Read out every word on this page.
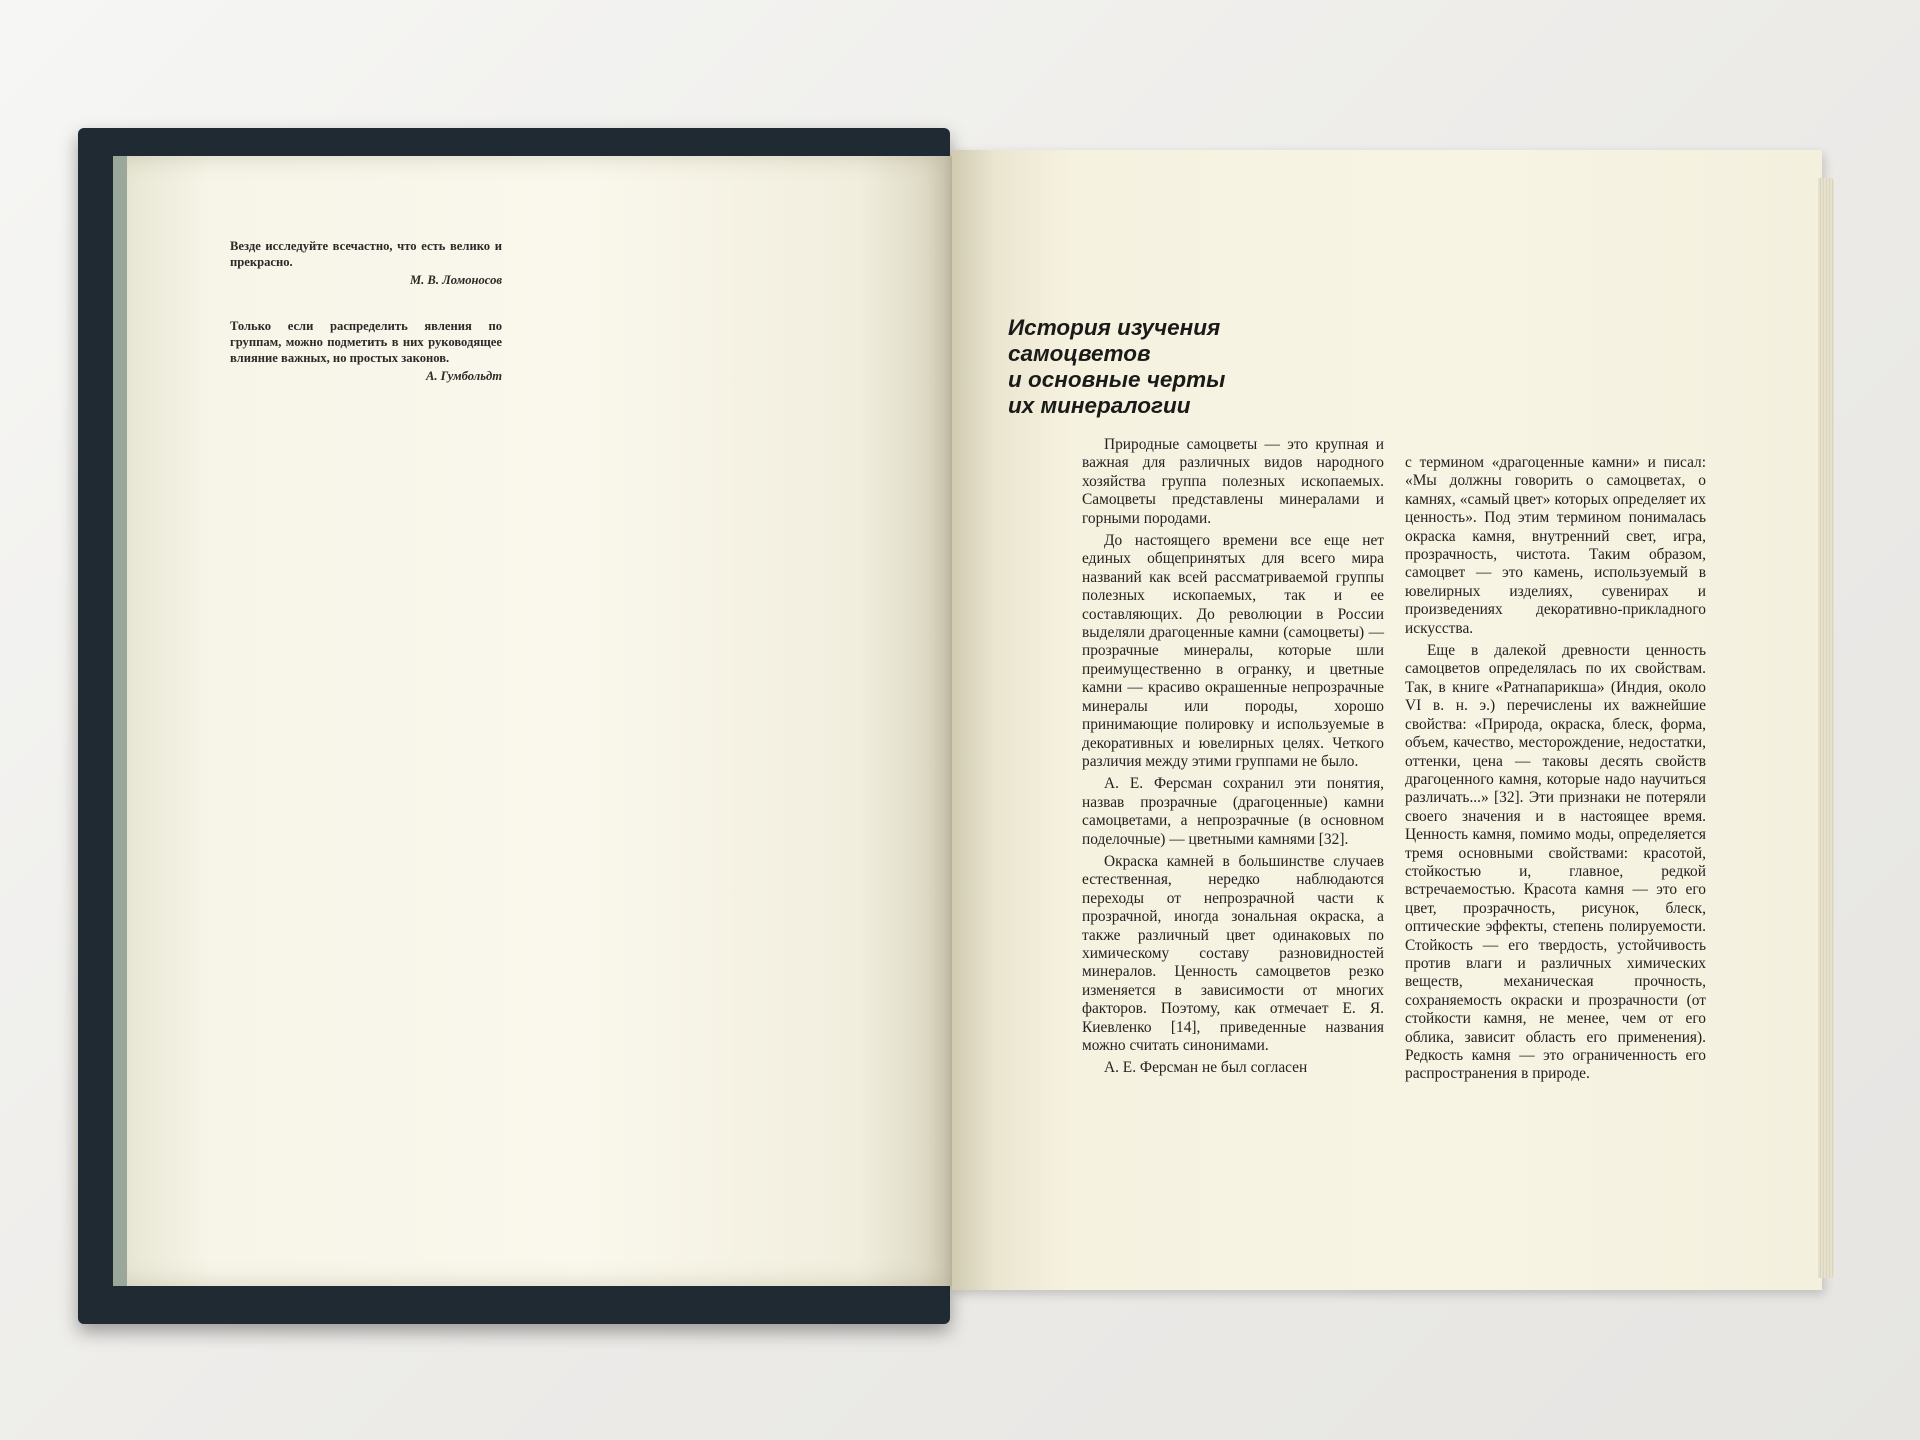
Везде исследуйте всечастно, что есть велико и прекрасно.

М. В. Ломоносов

Только если распределить явления по группам, можно подметить в них руководящее влияние важных, но простых законов.

А. Гумбольдт
История изучения
самоцветов
и основные черты
их минералогии

Природные самоцветы — это крупная и важная для различных видов народного хозяйства группа полезных ископаемых. Самоцветы представлены минералами и горными породами.

До настоящего времени все еще нет единых общепринятых для всего мира названий как всей рассматриваемой группы полезных ископаемых, так и ее составляющих. До революции в России выделяли драгоценные камни (самоцветы) — прозрачные минералы, которые шли преимущественно в огранку, и цветные камни — красиво окрашенные непрозрачные минералы или породы, хорошо принимающие полировку и используемые в декоративных и ювелирных целях. Четкого различия между этими группами не было.

А. Е. Ферсман сохранил эти понятия, назвав прозрачные (драгоценные) камни самоцветами, а непрозрачные (в основном поделочные) — цветными камнями [32].

Окраска камней в большинстве случаев естественная, нередко наблюдаются переходы от непрозрачной части к прозрачной, иногда зональная окраска, а также различный цвет одинаковых по химическому составу разновидностей минералов. Ценность самоцветов резко изменяется в зависимости от многих факторов. Поэтому, как отмечает Е. Я. Киевленко [14], приведенные названия можно считать синонимами.

А. Е. Ферсман не был согласен

с термином «драгоценные камни» и писал: «Мы должны говорить о самоцветах, о камнях, «самый цвет» которых определяет их ценность». Под этим термином понималась окраска камня, внутренний свет, игра, прозрачность, чистота. Таким образом, самоцвет — это камень, используемый в ювелирных изделиях, сувенирах и произведениях декоративно-прикладного искусства.

Еще в далекой древности ценность самоцветов определялась по их свойствам. Так, в книге «Ратнапарикша» (Индия, около VI в. н. э.) перечислены их важнейшие свойства: «Природа, окраска, блеск, форма, объем, качество, месторождение, недостатки, оттенки, цена — таковы десять свойств драгоценного камня, которые надо научиться различать...» [32]. Эти признаки не потеряли своего значения и в настоящее время. Ценность камня, помимо моды, определяется тремя основными свойствами: красотой, стойкостью и, главное, редкой встречаемостью. Красота камня — это его цвет, прозрачность, рисунок, блеск, оптические эффекты, степень полируемости. Стойкость — его твердость, устойчивость против влаги и различных химических веществ, механическая прочность, сохраняемость окраски и прозрачности (от стойкости камня, не менее, чем от его облика, зависит область его применения). Редкость камня — это ограниченность его распространения в природе.
